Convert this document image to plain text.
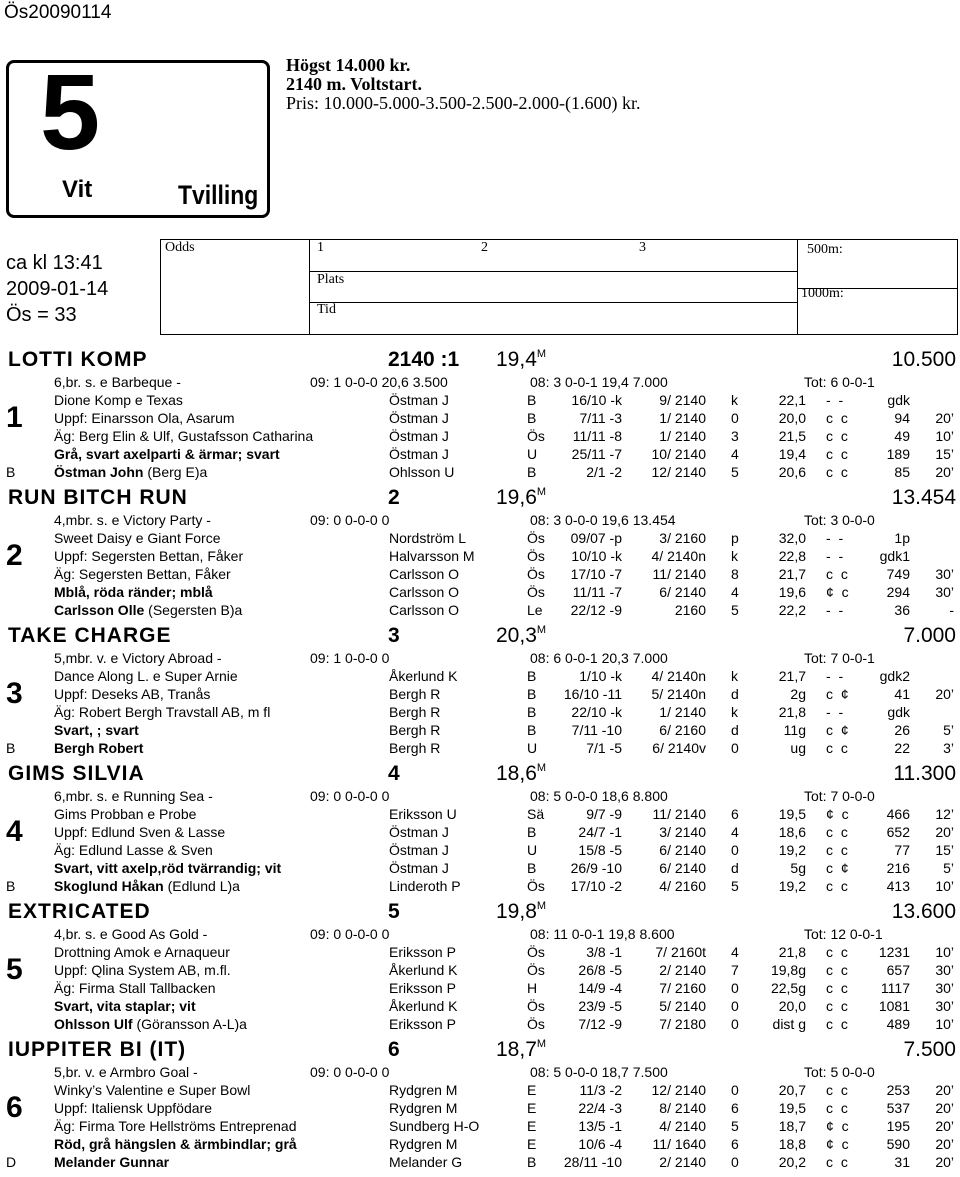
Ös20090114
5
Vit	Tvilling
Högst 14.000 kr.
2140 m. Voltstart.
Pris: 10.000-5.000-3.500-2.500-2.000-(1.600) kr.
ca kl 13:41
2009-01-14
Ös = 33
Odds	1	2	3
Plats
Tid
500m:
1000m:
LOTTI KOMP	2140 :1 $19,4^M$	10.500
1
6,br. s. e Barbeque -	09: 1 0-0-0 20,6 3.500	08: 3 0-0-1 19,4 7.000	Tot: 6 0-0-1
Dione Komp e Texas	Östman J	B	16/10 -k	9/ 2140 k	22,1 - -	gdk
Uppf: Einarsson Ola, Asarum	Östman J	B	7/11 -3	1/ 2140 0	20,0 c c	94	20’
Äg: Berg Elin & Ulf, Gustafsson Catharina	Östman J	Ös	11/11 -8	1/ 2140 3	21,5 c c	49	10’
Grå, svart axelparti & ärmar; svart	Östman J	U	25/11 -7	10/ 2140 4	19,4 c c	189	15’
B	Östman John (Berg E)a	Ohlsson U	B	2/1 -2	12/ 2140 5	20,6 c c	85	20’
RUN BITCH RUN	2	$19,6^M$	13.454
2
4,mbr. s. e Victory Party -	09: 0 0-0-0 0	08: 3 0-0-0 19,6 13.454	Tot: 3 0-0-0
Sweet Daisy e Giant Force	Nordström L	Ös	09/07 -p	3/ 2160 p	32,0 - -	1p
Uppf: Segersten Bettan, Fåker	Halvarsson M	Ös	10/10 -k	4/ 2140n k	22,8 - -	gdk1
Äg: Segersten Bettan, Fåker	Carlsson O	Ös	17/10 -7	11/ 2140 8	21,7 c c	749	30’
Mblå, röda ränder; mblå	Carlsson O	Ös	11/11 -7	6/ 2140 4	19,6 ¢ c	294	30’
Carlsson Olle (Segersten B)a	Carlsson O	Le	22/12 -9	2160 5	22,2 - -	36	-
TAKE CHARGE	3	$20,3^M$	7.000
3
5,mbr. v. e Victory Abroad -	09: 1 0-0-0 0	08: 6 0-0-1 20,3 7.000	Tot: 7 0-0-1
Dance Along L. e Super Arnie	Åkerlund K	B	1/10 -k	4/ 2140n k	21,7 - -	gdk2
Uppf: Deseks AB, Tranås	Bergh R	B	16/10 -11	5/ 2140n d	2g c ¢	41	20’
Äg: Robert Bergh Travstall AB, m fl	Bergh R	B	22/10 -k	1/ 2140 k	21,8 - -	gdk
Svart, ; svart	Bergh R	B	7/11 -10	6/ 2160 d	11g c ¢	26	5’
B	Bergh Robert	Bergh R	U	7/1 -5	6/ 2140v 0	ug c c	22	3’
GIMS SILVIA	4	$18,6^M$	11.300
4
6,mbr. s. e Running Sea -	09: 0 0-0-0 0	08: 5 0-0-0 18,6 8.800	Tot: 7 0-0-0
Gims Probban e Probe	Eriksson U	Sä	9/7 -9	11/ 2140 6	19,5 ¢ c	466	12’
Uppf: Edlund Sven & Lasse	Östman J	B	24/7 -1	3/ 2140 4	18,6 c c	652	20’
Äg: Edlund Lasse & Sven	Östman J	U	15/8 -5	6/ 2140 0	19,2 c c	77	15’
Svart, vitt axelp,röd tvärrandig; vit	Östman J	B	26/9 -10	6/ 2140 d	5g c ¢	216	5’
B	Skoglund Håkan (Edlund L)a	Linderoth P	Ös	17/10 -2	4/ 2160 5	19,2 c c	413	10’
EXTRICATED	5	$19,8^M$	13.600
5
4,br. s. e Good As Gold -	09: 0 0-0-0 0	08: 11 0-0-1 19,8 8.600	Tot: 12 0-0-1
Drottning Amok e Arnaqueur	Eriksson P	Ös	3/8 -1	7/ 2160t 4	21,8 c c	1231	10’
Uppf: Qlina System AB, m.fl.	Åkerlund K	Ös	26/8 -5	2/ 2140 7	19,8g c c	657	30’
Äg: Firma Stall Tallbacken	Eriksson P	H	14/9 -4	7/ 2160 0	22,5g c c	1117	30’
Svart, vita staplar; vit	Åkerlund K	Ös	23/9 -5	5/ 2140 0	20,0 c c	1081	30’
Ohlsson Ulf (Göransson A-L)a	Eriksson P	Ös	7/12 -9	7/ 2180 0	dist g c c	489	10’
IUPPITER BI (IT)	6	$18,7^M$	7.500
6
5,br. v. e Armbro Goal -	09: 0 0-0-0 0	08: 5 0-0-0 18,7 7.500	Tot: 5 0-0-0
Winky’s Valentine e Super Bowl	Rydgren M	E	11/3 -2	12/ 2140 0	20,7 c c	253	20’
Uppf: Italiensk Uppfödare	Rydgren M	E	22/4 -3	8/ 2140 6	19,5 c c	537	20’
Äg: Firma Tore Hellströms Entreprenad	Sundberg H-O	E	13/5 -1	4/ 2140 5	18,7 ¢ c	195	20’
Röd, grå hängslen & ärmbindlar; grå	Rydgren M	E	10/6 -4	11/ 1640 6	18,8 ¢ c	590	20’
D	Melander Gunnar	Melander G	B	28/11 -10	2/ 2140 0	20,2 c c	31	20’
